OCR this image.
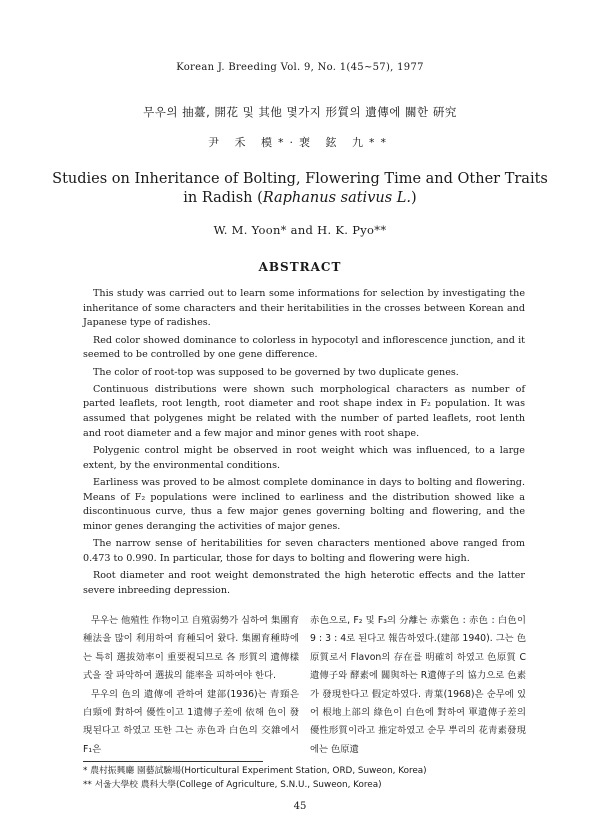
Korean J. Breeding Vol. 9, No. 1(45~57), 1977
무우의 抽薹, 開花 및 其他 몇가지 形質의 遺傳에 關한 硏究
尹 禾 模*·裵 鉉 九**
Studies on Inheritance of Bolting, Flowering Time and Other Traits
in Radish (Raphanus sativus L.)
W. M. Yoon* and H. K. Pyo**
ABSTRACT

This study was carried out to learn some informations for selection by investigating the inheritance of some characters and their heritabilities in the crosses between Korean and Japanese type of radishes.

Red color showed dominance to colorless in hypocotyl and inflorescence junction, and it seemed to be controlled by one gene difference.

The color of root-top was supposed to be governed by two duplicate genes.

Continuous distributions were shown such morphological characters as number of parted leaflets, root length, root diameter and root shape index in F₂ population. It was assumed that polygenes might be related with the number of parted leaflets, root lenth and root diameter and a few major and minor genes with root shape.

Polygenic control might be observed in root weight which was influenced, to a large extent, by the environmental conditions.

Earliness was proved to be almost complete dominance in days to bolting and flowering. Means of F₂ populations were inclined to earliness and the distribution showed like a discontinuous curve, thus a few major genes governing bolting and flowering, and the minor genes deranging the activities of major genes.

The narrow sense of heritabilities for seven characters mentioned above ranged from 0.473 to 0.990. In particular, those for days to bolting and flowering were high.

Root diameter and root weight demonstrated the high heterotic effects and the latter severe inbreeding depression.

무우는 他殖性 作物이고 自殖弱勢가 심하여 集團育種法을 많이 利用하여 育種되어 왔다. 集團育種時에는 특히 選拔効率이 重要視되므로 各 形質의 遺傳樣式을 잘 파악하여 選拔의 能率을 피하여야 한다.

무우의 色의 遺傳에 관하여 建部(1936)는 青頸은 白頸에 對하여 優性이고 1遺傳子差에 依해 色이 發現된다고 하였고 또한 그는 赤色과 白色의 交雜에서 F₁은

赤色으로, F₂ 및 F₃의 分離는 赤紫色 : 赤色 : 白色이 9 : 3 : 4로 된다고 報告하였다.(建部 1940). 그는 色原質로서 Flavon의 存在를 明確히 하였고 色原質 C遺傳子와 酵素에 關與하는 R遺傳子의 協力으로 色素가 發現한다고 假定하였다. 靑葉(1968)은 순무에 있어 根地上部의 綠色이 白色에 對하여 單遺傳子差의 優性形質이라고 推定하였고 순무 뿌리의 花靑素發現에는 色原遺

* 農村振興廳 園藝試驗場(Horticultural Experiment Station, ORD, Suweon, Korea)
** 서울大學校 農科大學(College of Agriculture, S.N.U., Suweon, Korea)
45
